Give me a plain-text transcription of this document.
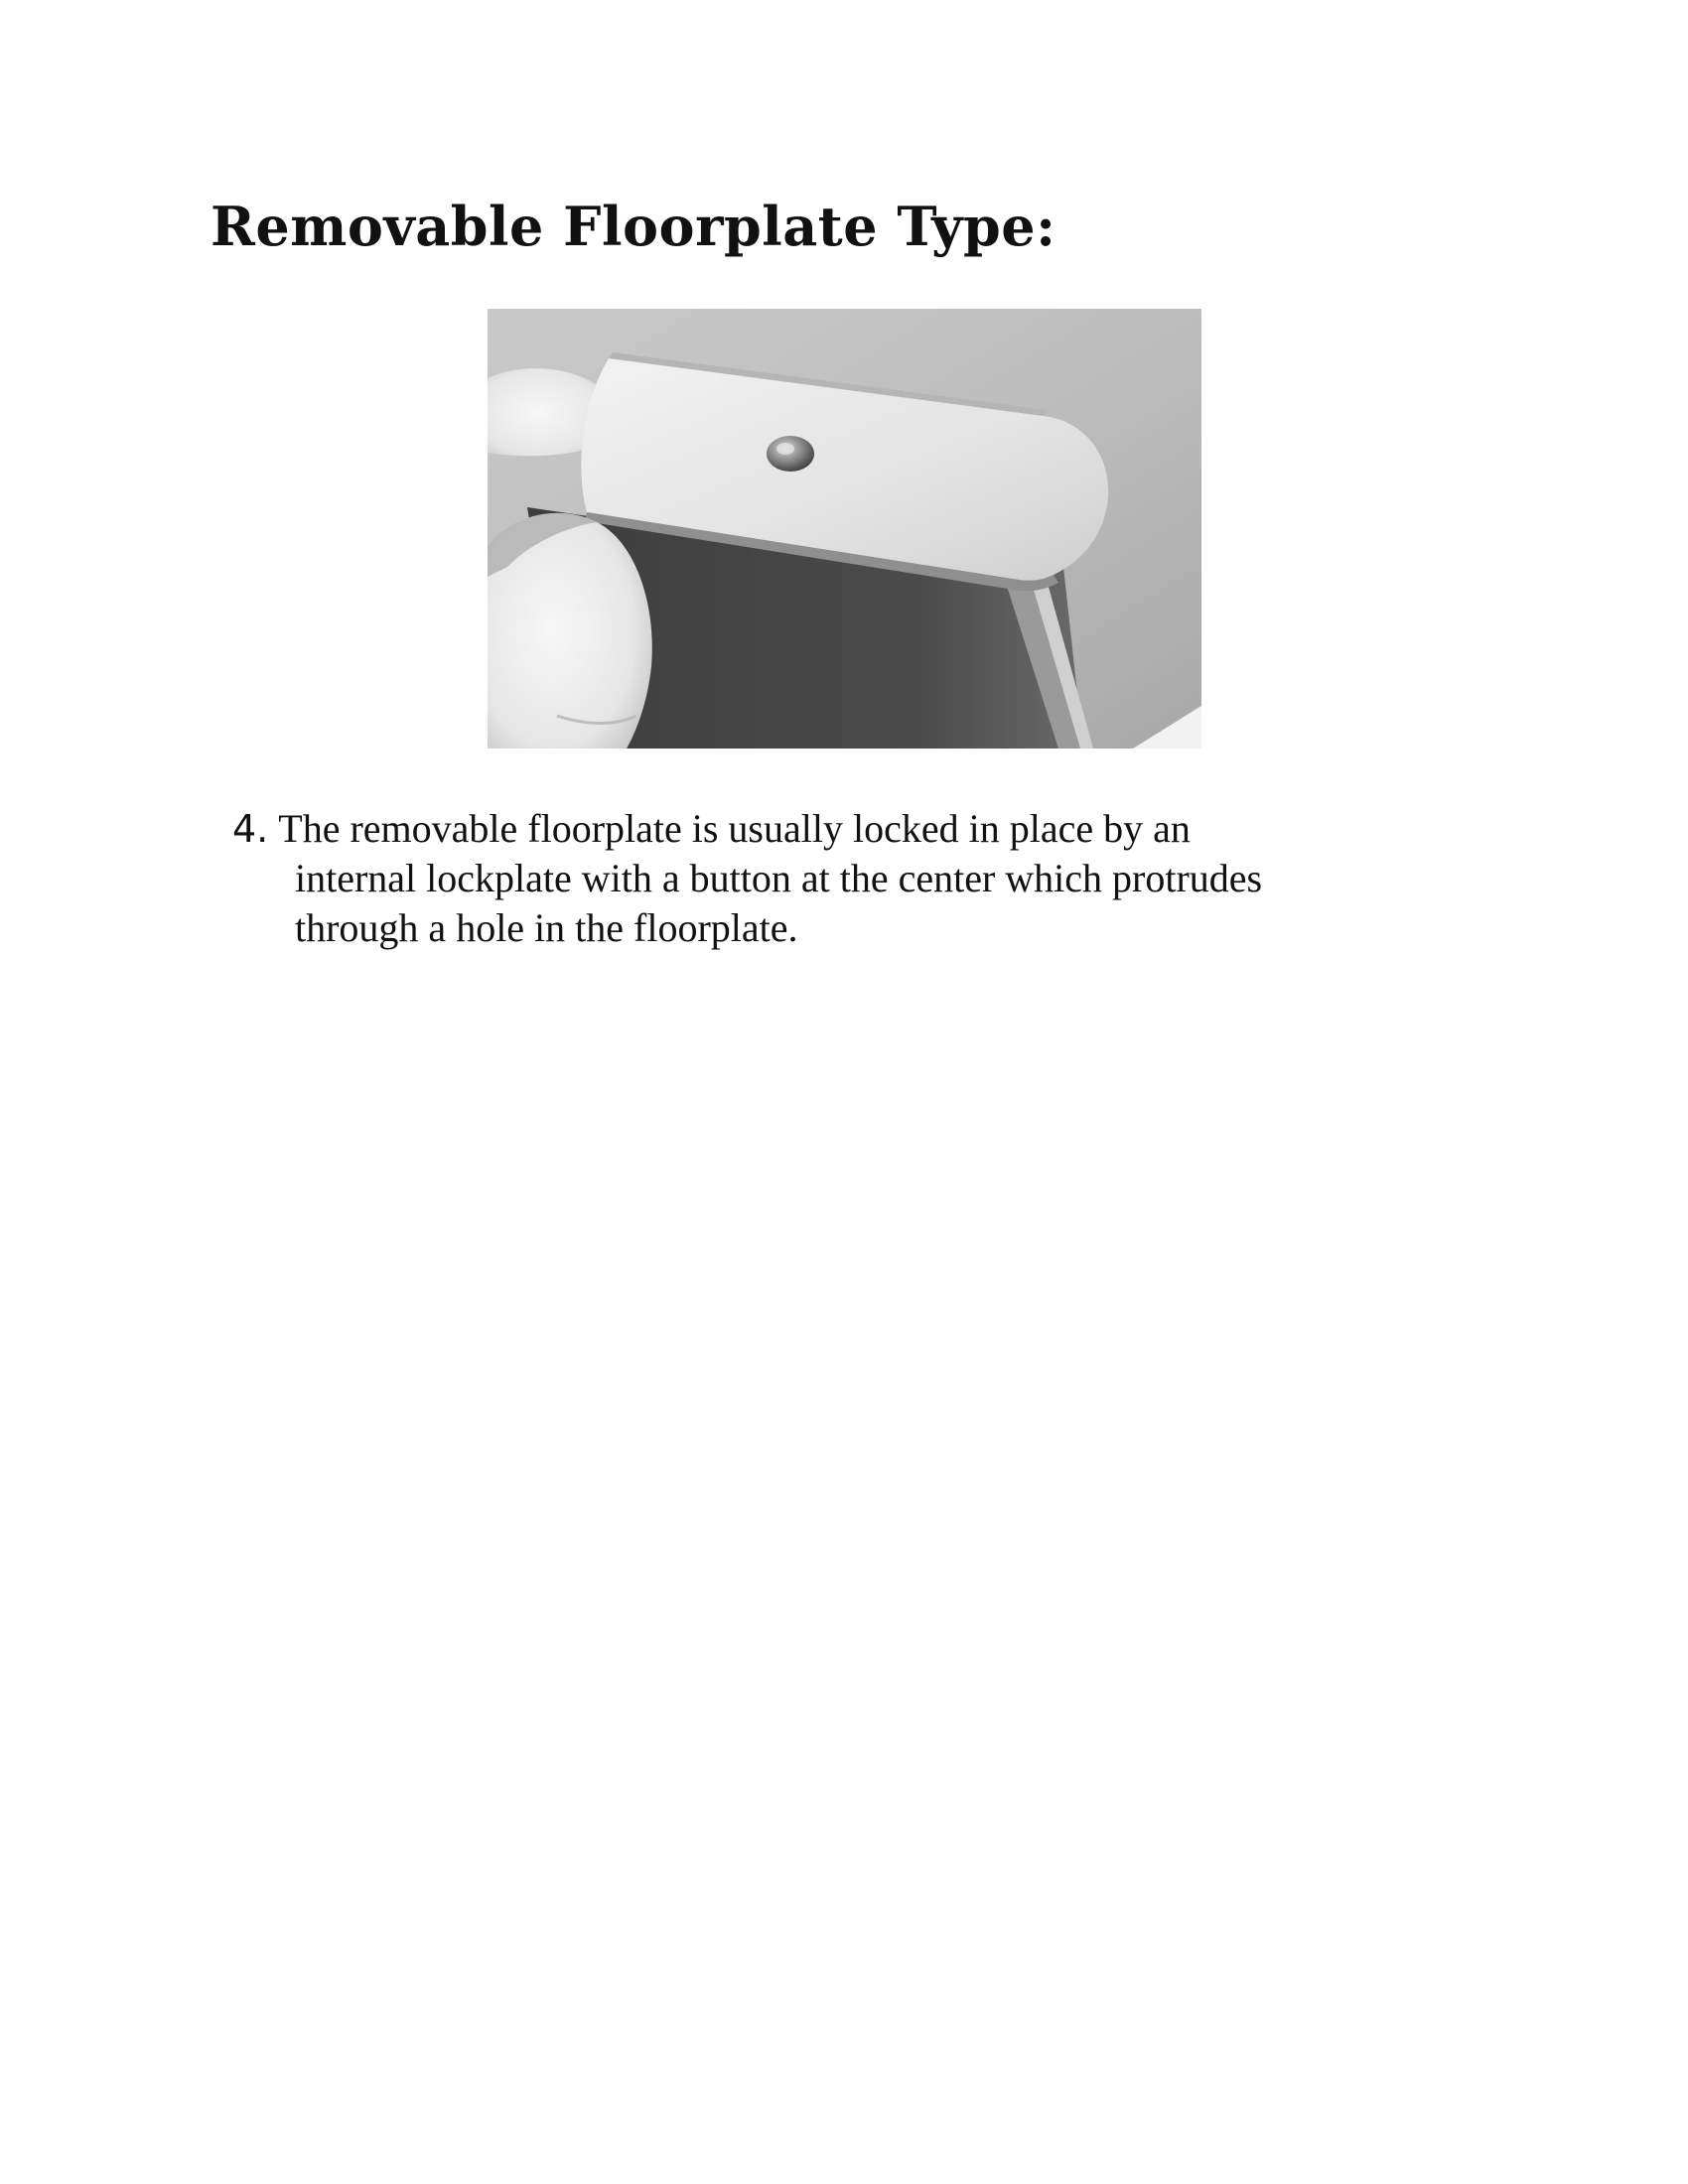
Removable Floorplate Type:
4. The removable floorplate is usually locked in place by an
internal lockplate with a button at the center which protrudes
through a hole in the floorplate.
